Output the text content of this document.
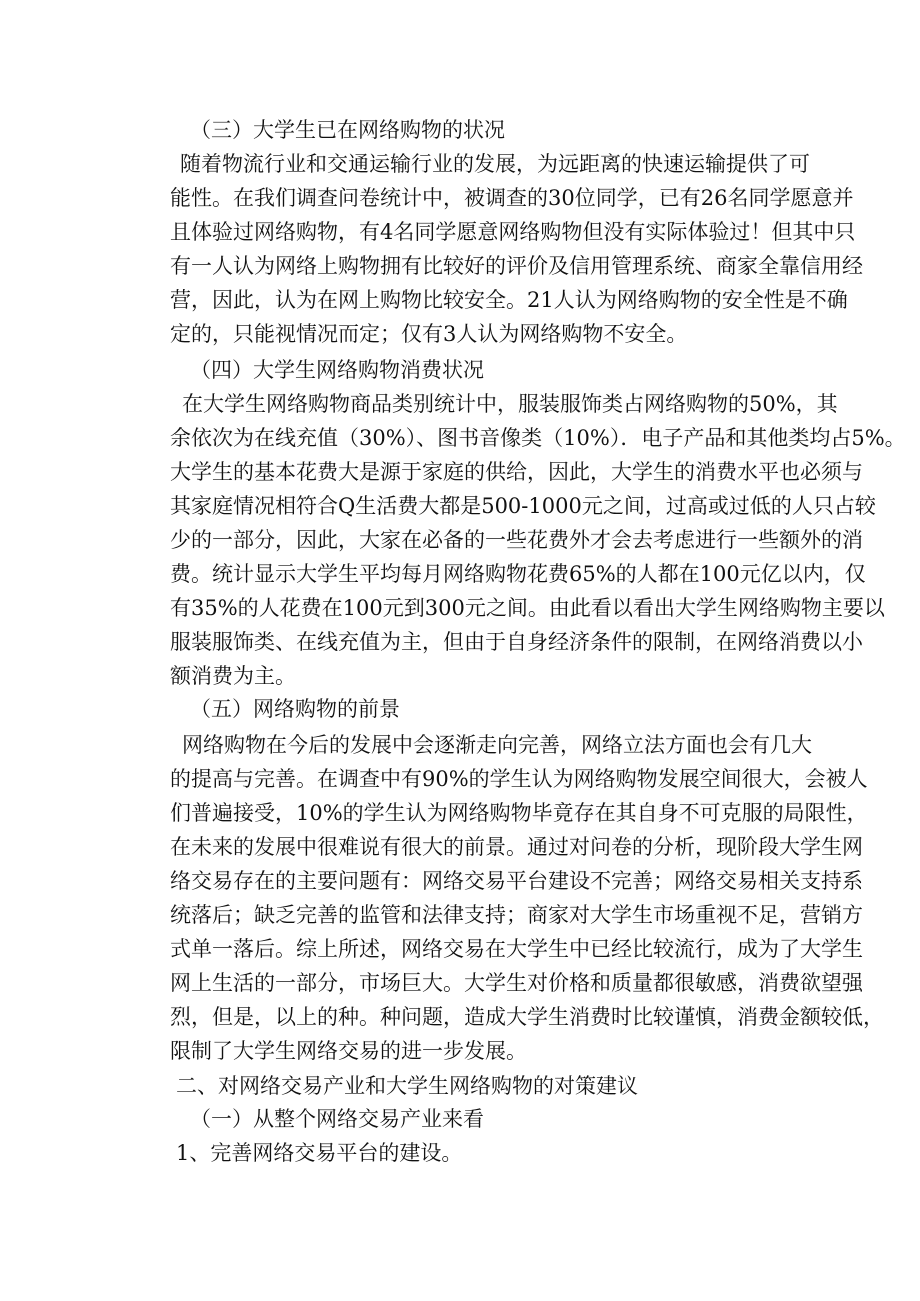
（三）大学生已在网络购物的状况
随着物流行业和交通运输行业的发展，为远距离的快速运输提供了可
能性。在我们调查问卷统计中，被调查的30位同学，已有26名同学愿意并
且体验过网络购物，有4名同学愿意网络购物但没有实际体验过！但其中只
有一人认为网络上购物拥有比较好的评价及信用管理系统、商家全靠信用经
营，因此，认为在网上购物比较安全。21人认为网络购物的安全性是不确
定的，只能视情况而定；仅有3人认为网络购物不安全。
（四）大学生网络购物消费状况
在大学生网络购物商品类别统计中，服装服饰类占网络购物的50%，其
余依次为在线充值（30%）、图书音像类（10%）．电子产品和其他类均占5%。
大学生的基本花费大是源于家庭的供给，因此，大学生的消费水平也必须与
其家庭情况相符合Q生活费大都是500-1000元之间，过高或过低的人只占较
少的一部分，因此，大家在必备的一些花费外才会去考虑进行一些额外的消
费。统计显示大学生平均每月网络购物花费65%的人都在100元亿以内，仅
有35%的人花费在100元到300元之间。由此看以看出大学生网络购物主要以
服装服饰类、在线充值为主，但由于自身经济条件的限制，在网络消费以小
额消费为主。
（五）网络购物的前景
网络购物在今后的发展中会逐渐走向完善，网络立法方面也会有几大
的提高与完善。在调查中有90%的学生认为网络购物发展空间很大，会被人
们普遍接受，10%的学生认为网络购物毕竟存在其自身不可克服的局限性，
在未来的发展中很难说有很大的前景。通过对问卷的分析，现阶段大学生网
络交易存在的主要问题有：网络交易平台建设不完善；网络交易相关支持系
统落后；缺乏完善的监管和法律支持；商家对大学生市场重视不足，营销方
式单一落后。综上所述，网络交易在大学生中已经比较流行，成为了大学生
网上生活的一部分，市场巨大。大学生对价格和质量都很敏感，消费欲望强
烈，但是，以上的种。种问题，造成大学生消费时比较谨慎，消费金额较低，
限制了大学生网络交易的进一步发展。
二、对网络交易产业和大学生网络购物的对策建议
（一）从整个网络交易产业来看
1、完善网络交易平台的建设。
